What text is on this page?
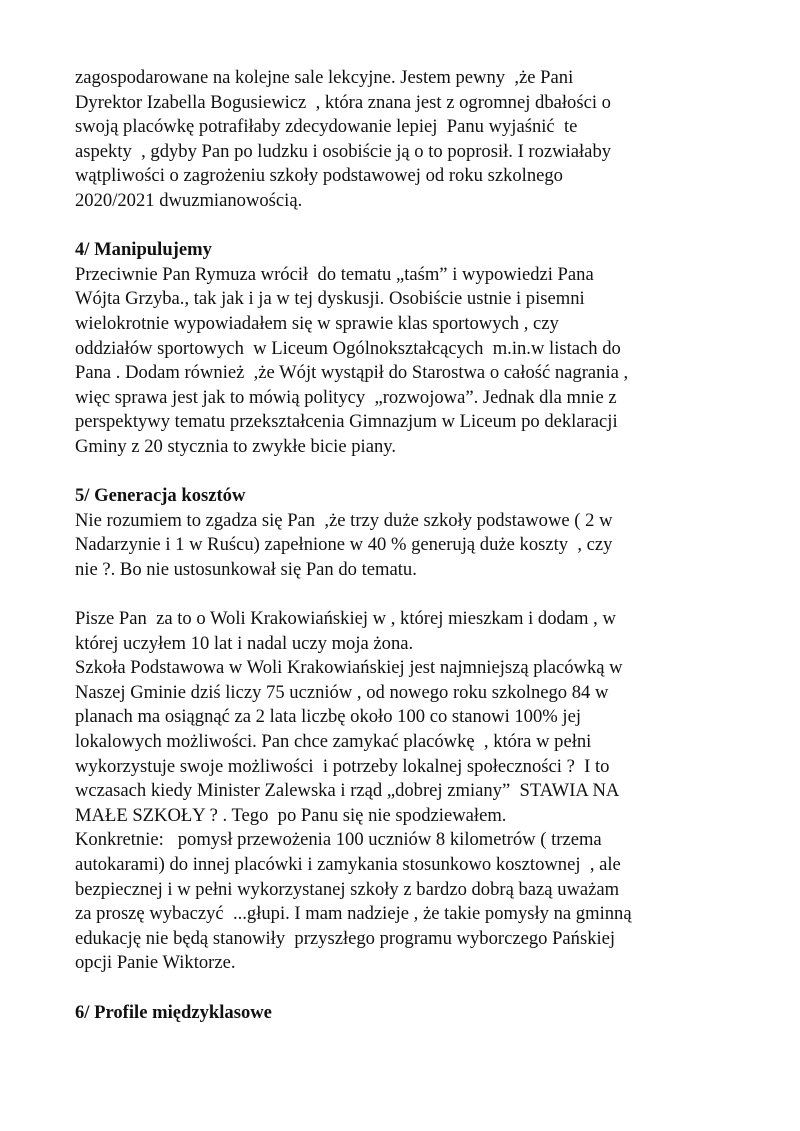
zagospodarowane na kolejne sale lekcyjne. Jestem pewny  ,że Pani

Dyrektor Izabella Bogusiewicz  , która znana jest z ogromnej dbałości o

swoją placówkę potrafiłaby zdecydowanie lepiej  Panu wyjaśnić  te

aspekty  , gdyby Pan po ludzku i osobiście ją o to poprosił. I rozwiałaby

wątpliwości o zagrożeniu szkoły podstawowej od roku szkolnego

2020/2021 dwuzmianowością.

4/ Manipulujemy

Przeciwnie Pan Rymuza wrócił  do tematu „taśm” i wypowiedzi Pana

Wójta Grzyba., tak jak i ja w tej dyskusji. Osobiście ustnie i pisemni

wielokrotnie wypowiadałem się w sprawie klas sportowych , czy

oddziałów sportowych  w Liceum Ogólnokształcących  m.in.w listach do

Pana . Dodam również  ,że Wójt wystąpił do Starostwa o całość nagrania ,

więc sprawa jest jak to mówią politycy  „rozwojowa”. Jednak dla mnie z

perspektywy tematu przekształcenia Gimnazjum w Liceum po deklaracji

Gminy z 20 stycznia to zwykłe bicie piany.

5/ Generacja kosztów

Nie rozumiem to zgadza się Pan  ,że trzy duże szkoły podstawowe ( 2 w

Nadarzynie i 1 w Ruścu) zapełnione w 40 % generują duże koszty  , czy

nie ?. Bo nie ustosunkował się Pan do tematu.

Pisze Pan  za to o Woli Krakowiańskiej w , której mieszkam i dodam , w

której uczyłem 10 lat i nadal uczy moja żona.

Szkoła Podstawowa w Woli Krakowiańskiej jest najmniejszą placówką w

Naszej Gminie dziś liczy 75 uczniów , od nowego roku szkolnego 84 w

planach ma osiągnąć za 2 lata liczbę około 100 co stanowi 100% jej

lokalowych możliwości. Pan chce zamykać placówkę  , która w pełni

wykorzystuje swoje możliwości  i potrzeby lokalnej społeczności ?  I to

wczasach kiedy Minister Zalewska i rząd „dobrej zmiany”  STAWIA NA

MAŁE SZKOŁY ? . Tego  po Panu się nie spodziewałem.

Konkretnie:   pomysł przewożenia 100 uczniów 8 kilometrów ( trzema

autokarami) do innej placówki i zamykania stosunkowo kosztownej  , ale

bezpiecznej i w pełni wykorzystanej szkoły z bardzo dobrą bazą uważam

za proszę wybaczyć  ...głupi. I mam nadzieje , że takie pomysły na gminną

edukację nie będą stanowiły  przyszłego programu wyborczego Pańskiej

opcji Panie Wiktorze.

6/ Profile międzyklasowe
